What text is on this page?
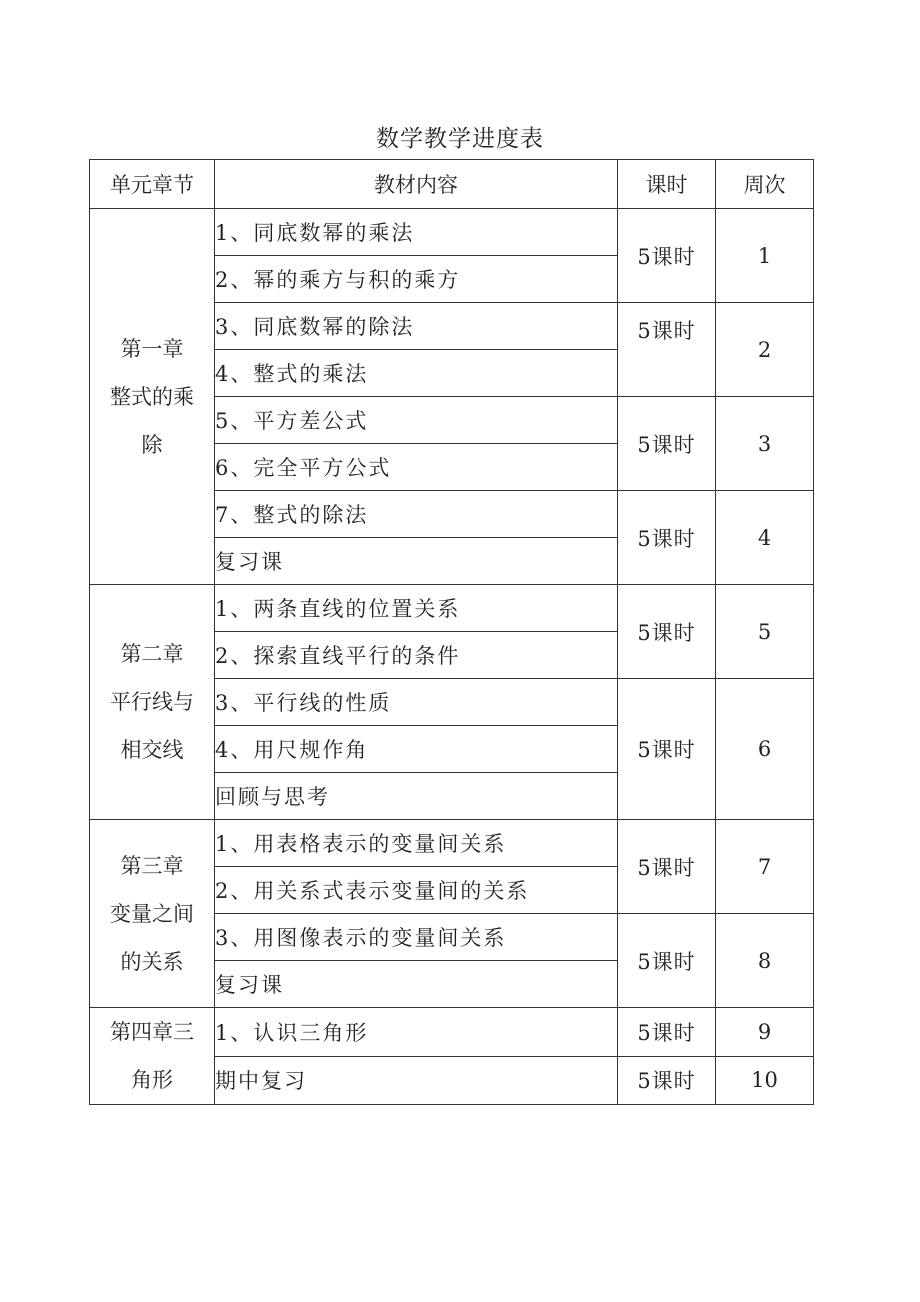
数学教学进度表
单元章节	教材内容	课时	周次

第一章
整式的乘
除	1、同底数幂的乘法	5课时	1
	2、幂的乘方与积的乘方		
	3、同底数幂的除法	5课时	2
	4、整式的乘法		
	5、平方差公式	5课时	3
	6、完全平方公式		
	7、整式的除法	5课时	4
	复习课		

第二章
平行线与
相交线	1、两条直线的位置关系	5课时	5
	2、探索直线平行的条件		
	3、平行线的性质	5课时	6
	4、用尺规作角		
	回顾与思考		

第三章
变量之间
的关系	1、用表格表示的变量间关系	5课时	7
	2、用关系式表示变量间的关系		
	3、用图像表示的变量间关系	5课时	8
	复习课		

第四章三
角形	1、认识三角形	5课时	9
	期中复习	5课时	10
